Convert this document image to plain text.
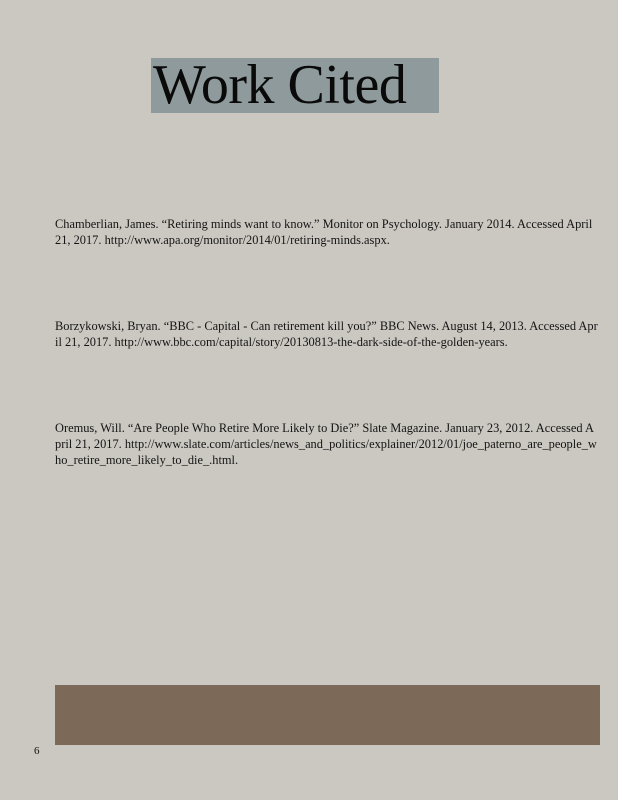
Work Cited

Chamberlian, James. “Retiring minds want to know.” Monitor on Psychology. January 2014. Accessed April 21, 2017. http://www.apa.org/monitor/2014/01/retiring-minds.aspx.

Borzykowski, Bryan. “BBC - Capital - Can retirement kill you?” BBC News. August 14, 2013. Accessed April 21, 2017. http://www.bbc.com/capital/story/20130813-the-dark-side-of-the-golden-years.

Oremus, Will. “Are People Who Retire More Likely to Die?” Slate Magazine. January 23, 2012. Accessed April 21, 2017. http://www.slate.com/articles/news_and_politics/explainer/2012/01/joe_paterno_are_people_who_retire_more_likely_to_die_.html.

6
